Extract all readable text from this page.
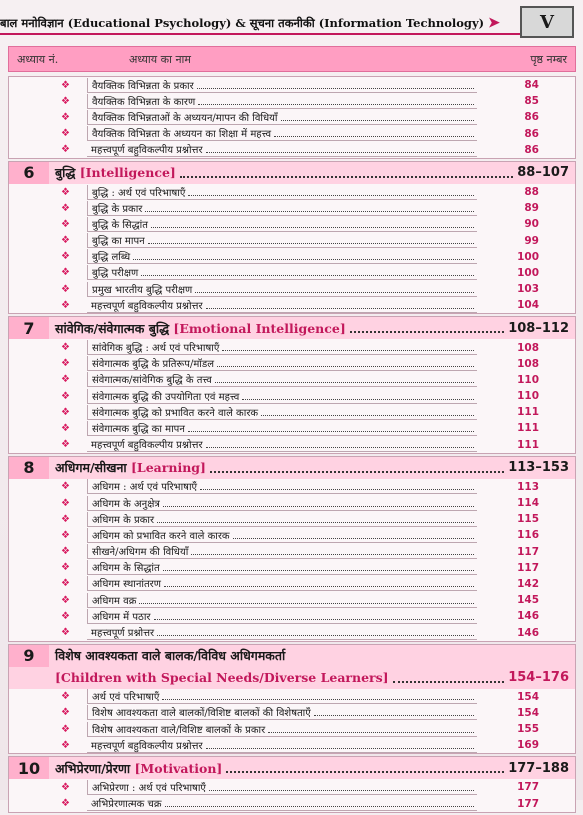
बाल मनोविज्ञान (Educational Psychology) & सूचना तकनीकी (Information Technology) ➤	V
अध्याय नं.	अध्याय का नाम	पृष्ठ नम्बर
❖ वैयक्तिक विभिन्नता के प्रकार	84
❖ वैयक्तिक विभिन्नता के कारण	85
❖ वैयक्तिक विभिन्नताओं के अध्ययन/मापन की विधियाँ	86
❖ वैयक्तिक विभिन्नता के अध्ययन का शिक्षा में महत्त्व	86
❖ महत्त्वपूर्ण बहुविकल्पीय प्रश्नोत्तर	86
6	बुद्धि [Intelligence]	88–107
❖ बुद्धि : अर्थ एवं परिभाषाएँ	88
❖ बुद्धि के प्रकार	89
❖ बुद्धि के सिद्धांत	90
❖ बुद्धि का मापन	99
❖ बुद्धि लब्धि	100
❖ बुद्धि परीक्षण	100
❖ प्रमुख भारतीय बुद्धि परीक्षण	103
❖ महत्त्वपूर्ण बहुविकल्पीय प्रश्नोत्तर	104
7	सांवेगिक/संवेगात्मक बुद्धि [Emotional Intelligence]	108–112
❖ सांवेगिक बुद्धि : अर्थ एवं परिभाषाएँ	108
❖ संवेगात्मक बुद्धि के प्रतिरूप/मॉडल	108
❖ संवेगात्मक/सांवेगिक बुद्धि के तत्त्व	110
❖ संवेगात्मक बुद्धि की उपयोगिता एवं महत्त्व	110
❖ संवेगात्मक बुद्धि को प्रभावित करने वाले कारक	111
❖ संवेगात्मक बुद्धि का मापन	111
❖ महत्त्वपूर्ण बहुविकल्पीय प्रश्नोत्तर	111
8	अधिगम/सीखना [Learning]	113–153
❖ अधिगम : अर्थ एवं परिभाषाएँ	113
❖ अधिगम के अनुक्षेत्र	114
❖ अधिगम के प्रकार	115
❖ अधिगम को प्रभावित करने वाले कारक	116
❖ सीखने/अधिगम की विधियाँ	117
❖ अधिगम के सिद्धांत	117
❖ अधिगम स्थानांतरण	142
❖ अधिगम वक्र	145
❖ अधिगम में पठार	146
❖ महत्त्वपूर्ण प्रश्नोत्तर	146
9	विशेष आवश्यकता वाले बालक/विविध अधिगमकर्ता
[Children with Special Needs/Diverse Learners]	154–176
❖ अर्थ एवं परिभाषाएँ	154
❖ विशेष आवश्यकता वाले बालकों/विशिष्ट बालकों की विशेषताएँ	154
❖ विशेष आवश्यकता वाले/विशिष्ट बालकों के प्रकार	155
❖ महत्त्वपूर्ण बहुविकल्पीय प्रश्नोत्तर	169
10	अभिप्रेरणा/प्रेरणा [Motivation]	177–188
❖ अभिप्रेरणा : अर्थ एवं परिभाषाएँ	177
❖ अभिप्रेरणात्मक चक्र	177
